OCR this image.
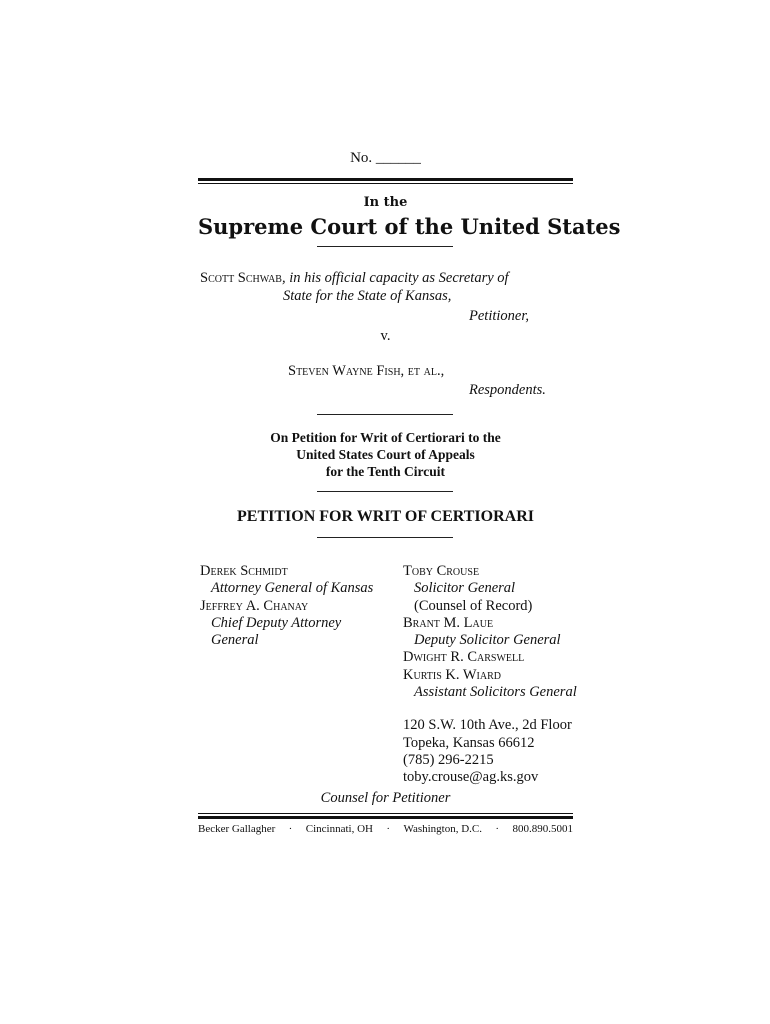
No. ______
In the
Supreme Court of the United States
Scott Schwab, in his official capacity as Secretary of
State for the State of Kansas,
Petitioner,
v.
Steven Wayne Fish, et al.,
Respondents.
On Petition for Writ of Certiorari to the
United States Court of Appeals
for the Tenth Circuit
PETITION FOR WRIT OF CERTIORARI
Derek Schmidt
Attorney General of Kansas
Jeffrey A. Chanay
Chief Deputy Attorney
General
Toby Crouse
Solicitor General
(Counsel of Record)
Brant M. Laue
Deputy Solicitor General
Dwight R. Carswell
Kurtis K. Wiard
Assistant Solicitors General
120 S.W. 10th Ave., 2d Floor
Topeka, Kansas 66612
(785) 296-2215
toby.crouse@ag.ks.gov
Counsel for Petitioner
Becker Gallagher · Cincinnati, OH · Washington, D.C. · 800.890.5001
